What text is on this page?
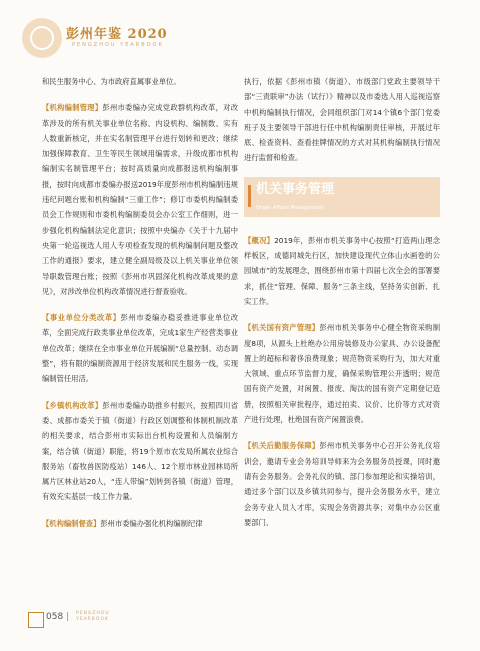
彭州年鉴 2020
PENGZHOU YEARBOOK

和民生服务中心、为市政府直属事业单位。

【机构编制管理】彭州市委编办完成党政群机构改革，对改革涉及的所有机关事业单位名称、内设机构、编制数、实有人数重新核定，并在实名制管理平台进行划转和更改；继续加强保障教育、卫生等民生领域用编需求，升级成都市机构编制实名制管理平台；按时高质量向成都报送机构编制事报，按时向成都市委编办报送2019年度彭州市机构编制违规违纪问题台账和机构编制“三重工作”；修订市委机构编制委员会工作规则和市委机构编制委员会办公室工作细则，进一步强化机构编制法定化意识；按照中央编办《关于十九届中央第一轮巡视选人用人专项检查发现的机构编制问题及整改工作的通报》要求，建立健全副局级及以上机关事业单位领导职数管理台账；按照《彭州市巩固深化机构改革成果的意见》，对涉改单位机构改革情况进行督查验收。

【事业单位分类改革】彭州市委编办稳妥推进事业单位改革，全面完成行政类事业单位改革，完成1家生产经营类事业单位改革；继续在全市事业单位开展编制“总量控制、动态调整”，将有限的编制资源用于经济发展和民生服务一线，实现编制管任用活。

【乡镇机构改革】彭州市委编办助推乡村振兴，按照四川省委、成都市委关于镇（街道）行政区划调整和体制机制改革的相关要求，结合彭州市实际出台机构设置和人员编制方案，结合镇（街道）职能，将19个原市农发局所属农业综合服务站（畜牧兽医防疫站）146人、12个原市林业园林局所属片区林业站20人，“连人带编”划转到各镇（街道）管理，有效充实基层一线工作力量。

【机构编制督查】彭州市委编办强化机构编制纪律

执行，依据《彭州市镇（街道）、市级部门党政主要领导干部“三责联审”办法（试行）》精神以及市委选人用人巡视巡察中机构编制执行情况，会同组织部门对14个镇6个部门党委班子及主要领导干部进行任中机构编制责任审核，开展过年底、检查资料、查看挂牌情况的方式对其机构编制执行情况进行监督和检查。

机关事务管理
Organ Affairs Management

【概况】2019年，彭州市机关事务中心按照“打造两山理念样板区，成德同城先行区，加快建设现代立体山水画卷的公园城市”的发展理念，围绕彭州市第十四届七次全会的部署要求，抓住“管理、保障、服务”三条主线，坚持务实创新、扎实工作。

【机关国有资产管理】彭州市机关事务中心健全物资采购制度8项，从源头上杜绝办公用房装修及办公家具、办公设备配置上的超标和奢侈浪费现象；规范物资采购行为，加大对重大领域、重点环节监督力度，确保采购管理公开透明；规范国有资产处置，对闲置、报废、淘汰的国有资产定期登记造册，按照相关审批程序，通过拍卖、议价、比价等方式对资产进行处理，杜绝国有资产闲置浪费。

【机关后勤服务保障】彭州市机关事务中心召开公务礼仪培训会，邀请专业会务培训导师来为会务服务员授课，同时邀请有会务服务。会务礼仪的镇、部门参加理论和实操培训，通过多个部门以及乡镇共同参与，提升会务服务水平，建立会务专业人员人才库，实现会务资源共享；对集中办公区重要部门、

058 | PENGZHOU
YEARBOOK
